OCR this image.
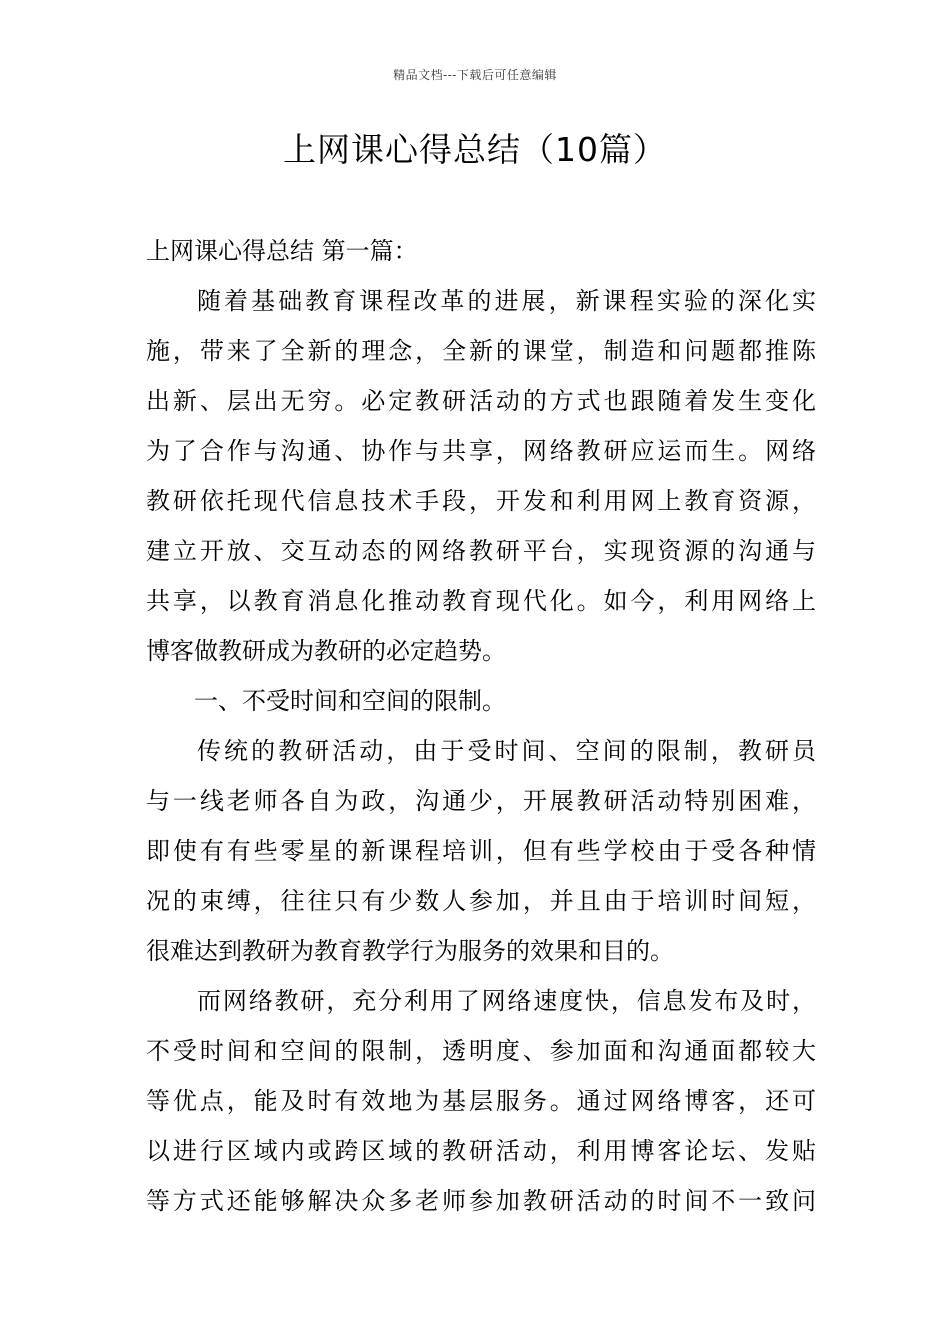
精品文档---下载后可任意编辑
上网课心得总结（10篇）
上网课心得总结 第一篇：
随着基础教育课程改革的进展，新课程实验的深化实
施，带来了全新的理念，全新的课堂，制造和问题都推陈
出新、层出无穷。必定教研活动的方式也跟随着发生变化
为了合作与沟通、协作与共享，网络教研应运而生。网络
教研依托现代信息技术手段，开发和利用网上教育资源，
建立开放、交互动态的网络教研平台，实现资源的沟通与
共享，以教育消息化推动教育现代化。如今，利用网络上
博客做教研成为教研的必定趋势。
一、不受时间和空间的限制。
传统的教研活动，由于受时间、空间的限制，教研员
与一线老师各自为政，沟通少，开展教研活动特别困难，
即使有有些零星的新课程培训，但有些学校由于受各种情
况的束缚，往往只有少数人参加，并且由于培训时间短，
很难达到教研为教育教学行为服务的效果和目的。
而网络教研，充分利用了网络速度快，信息发布及时，
不受时间和空间的限制，透明度、参加面和沟通面都较大
等优点，能及时有效地为基层服务。通过网络博客，还可
以进行区域内或跨区域的教研活动，利用博客论坛、发贴
等方式还能够解决众多老师参加教研活动的时间不一致问
